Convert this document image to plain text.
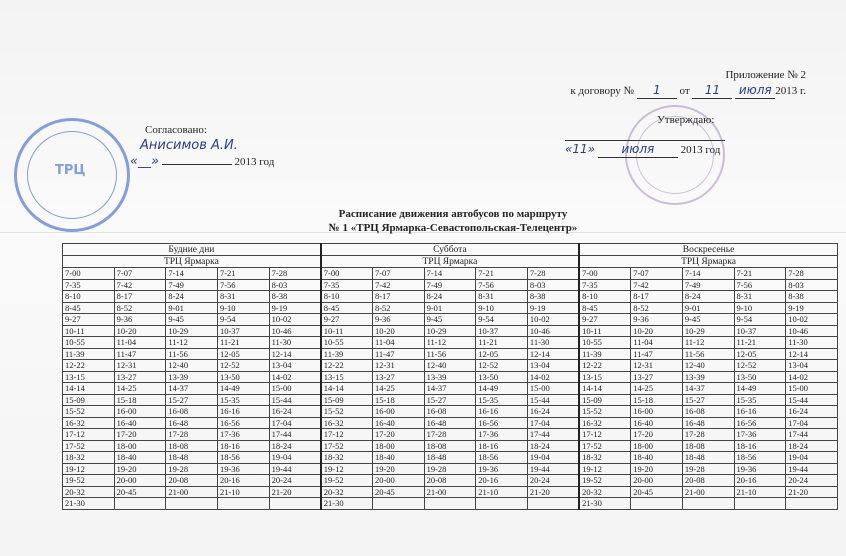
Приложение № 2
к договору № 1 от 11 июля 2013 г.
ТРЦ
Согласовано:
Анисимов А.И.
«__»	2013 год
Утверждаю:
«11» июля 2013 год
Расписание движения автобусов по маршруту
№ 1 «ТРЦ Ярмарка-Севастопольская-Телецентр»
Будние дни					Суббота					Воскресенье				
ТРЦ Ярмарка					ТРЦ Ярмарка					ТРЦ Ярмарка				
7-00	7-07	7-14	7-21	7-28	7-00	7-07	7-14	7-21	7-28	7-00	7-07	7-14	7-21	7-28
7-35	7-42	7-49	7-56	8-03	7-35	7-42	7-49	7-56	8-03	7-35	7-42	7-49	7-56	8-03
8-10	8-17	8-24	8-31	8-38	8-10	8-17	8-24	8-31	8-38	8-10	8-17	8-24	8-31	8-38
8-45	8-52	9-01	9-10	9-19	8-45	8-52	9-01	9-10	9-19	8-45	8-52	9-01	9-10	9-19
9-27	9-36	9-45	9-54	10-02	9-27	9-36	9-45	9-54	10-02	9-27	9-36	9-45	9-54	10-02
10-11	10-20	10-29	10-37	10-46	10-11	10-20	10-29	10-37	10-46	10-11	10-20	10-29	10-37	10-46
10-55	11-04	11-12	11-21	11-30	10-55	11-04	11-12	11-21	11-30	10-55	11-04	11-12	11-21	11-30
11-39	11-47	11-56	12-05	12-14	11-39	11-47	11-56	12-05	12-14	11-39	11-47	11-56	12-05	12-14
12-22	12-31	12-40	12-52	13-04	12-22	12-31	12-40	12-52	13-04	12-22	12-31	12-40	12-52	13-04
13-15	13-27	13-39	13-50	14-02	13-15	13-27	13-39	13-50	14-02	13-15	13-27	13-39	13-50	14-02
14-14	14-25	14-37	14-49	15-00	14-14	14-25	14-37	14-49	15-00	14-14	14-25	14-37	14-49	15-00
15-09	15-18	15-27	15-35	15-44	15-09	15-18	15-27	15-35	15-44	15-09	15-18	15-27	15-35	15-44
15-52	16-00	16-08	16-16	16-24	15-52	16-00	16-08	16-16	16-24	15-52	16-00	16-08	16-16	16-24
16-32	16-40	16-48	16-56	17-04	16-32	16-40	16-48	16-56	17-04	16-32	16-40	16-48	16-56	17-04
17-12	17-20	17-28	17-36	17-44	17-12	17-20	17-28	17-36	17-44	17-12	17-20	17-28	17-36	17-44
17-52	18-00	18-08	18-16	18-24	17-52	18-00	18-08	18-16	18-24	17-52	18-00	18-08	18-16	18-24
18-32	18-40	18-48	18-56	19-04	18-32	18-40	18-48	18-56	19-04	18-32	18-40	18-48	18-56	19-04
19-12	19-20	19-28	19-36	19-44	19-12	19-20	19-28	19-36	19-44	19-12	19-20	19-28	19-36	19-44
19-52	20-00	20-08	20-16	20-24	19-52	20-00	20-08	20-16	20-24	19-52	20-00	20-08	20-16	20-24
20-32	20-45	21-00	21-10	21-20	20-32	20-45	21-00	21-10	21-20	20-32	20-45	21-00	21-10	21-20
21-30					21-30					21-30				
